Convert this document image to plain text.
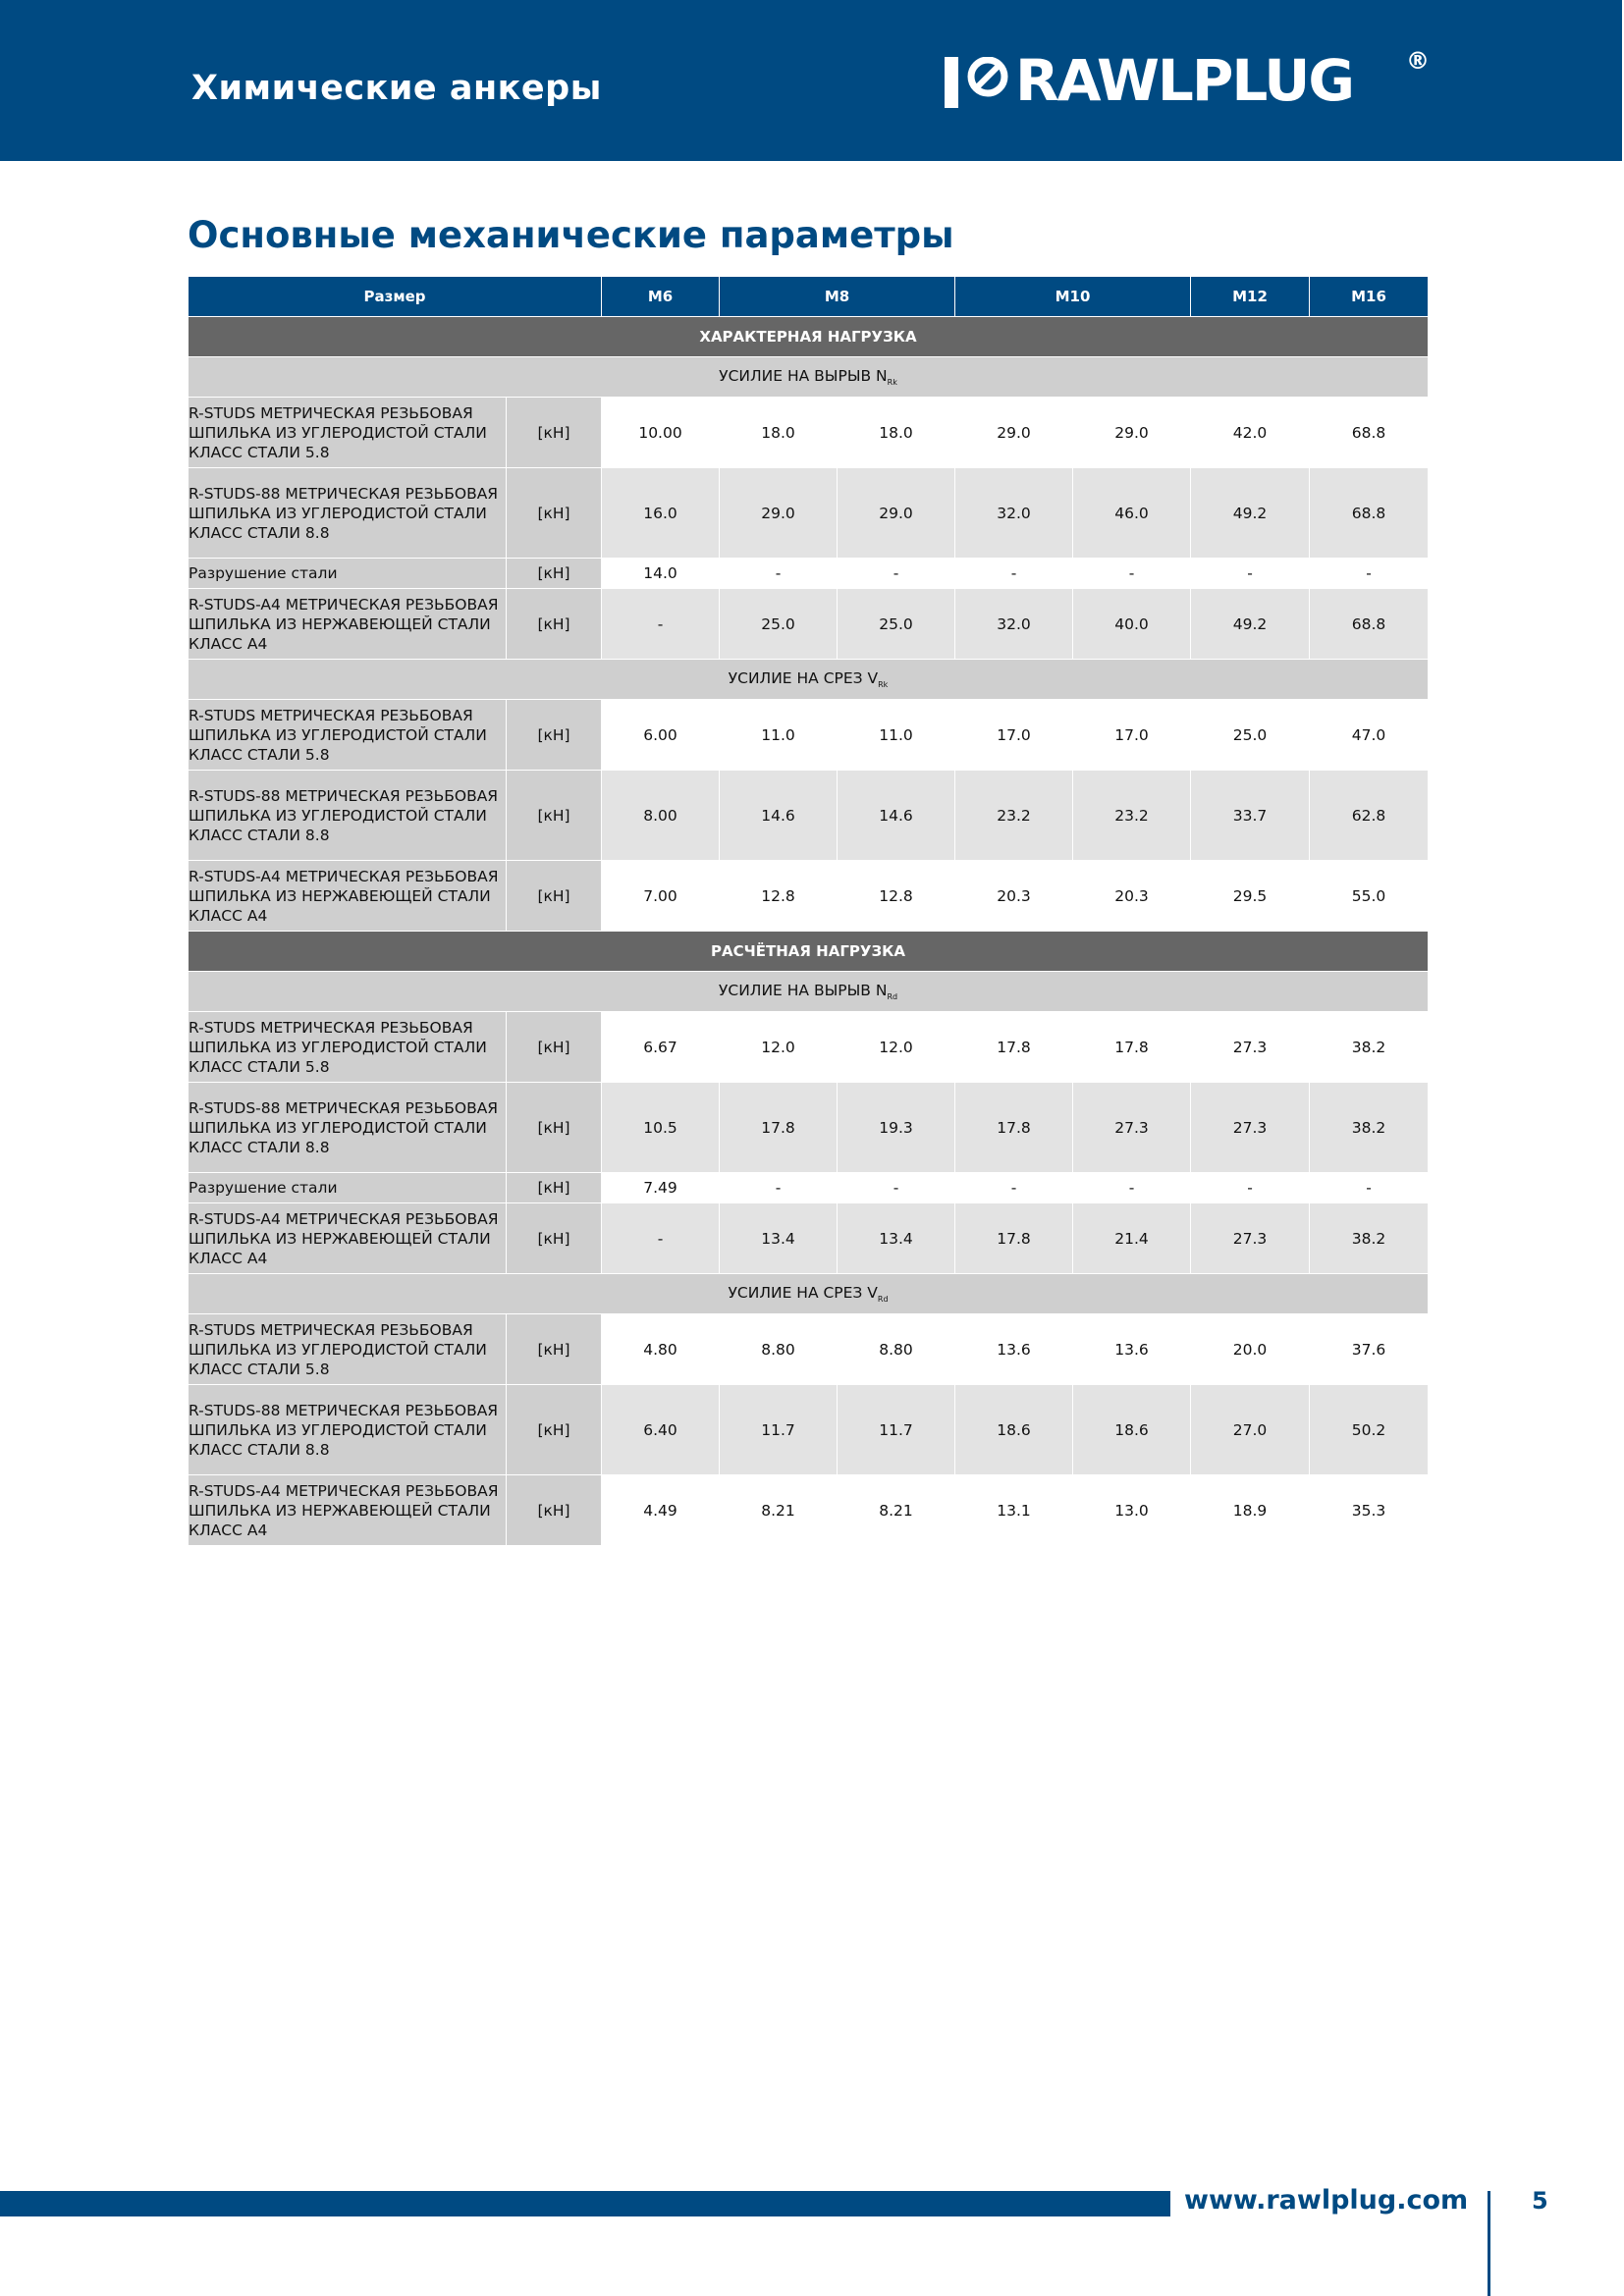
Химические анкеры	RAWLPLUG ®
Основные механические параметры
Размер		M6	M8		M10		M12	M16
ХАРАКТЕРНАЯ НАГРУЗКА								
УСИЛИЕ НА ВЫРЫВ $N_{Rk}$
R-STUDS МЕТРИЧЕСКАЯ РЕЗЬБОВАЯ ШПИЛЬКА ИЗ УГЛЕРОДИСТОЙ СТАЛИ КЛАСС СТАЛИ 5.8	[кН]	10.00	18.0	18.0	29.0	29.0	42.0	68.8
R-STUDS-88 МЕТРИЧЕСКАЯ РЕЗЬБОВАЯ ШПИЛЬКА ИЗ УГЛЕРОДИСТОЙ СТАЛИ КЛАСС СТАЛИ 8.8	[кН]	16.0	29.0	29.0	32.0	46.0	49.2	68.8
Разрушение стали	[кН]	14.0	-	-	-	-	-	-
R-STUDS-A4 МЕТРИЧЕСКАЯ РЕЗЬБОВАЯ ШПИЛЬКА ИЗ НЕРЖАВЕЮЩЕЙ СТАЛИ КЛАСС А4	[кН]	-	25.0	25.0	32.0	40.0	49.2	68.8
УСИЛИЕ НА СРЕЗ $V_{Rk}$
R-STUDS МЕТРИЧЕСКАЯ РЕЗЬБОВАЯ ШПИЛЬКА ИЗ УГЛЕРОДИСТОЙ СТАЛИ КЛАСС СТАЛИ 5.8	[кН]	6.00	11.0	11.0	17.0	17.0	25.0	47.0
R-STUDS-88 МЕТРИЧЕСКАЯ РЕЗЬБОВАЯ ШПИЛЬКА ИЗ УГЛЕРОДИСТОЙ СТАЛИ КЛАСС СТАЛИ 8.8	[кН]	8.00	14.6	14.6	23.2	23.2	33.7	62.8
R-STUDS-A4 МЕТРИЧЕСКАЯ РЕЗЬБОВАЯ ШПИЛЬКА ИЗ НЕРЖАВЕЮЩЕЙ СТАЛИ КЛАСС А4	[кН]	7.00	12.8	12.8	20.3	20.3	29.5	55.0
РАСЧЁТНАЯ НАГРУЗКА								
УСИЛИЕ НА ВЫРЫВ $N_{Rd}$
R-STUDS МЕТРИЧЕСКАЯ РЕЗЬБОВАЯ ШПИЛЬКА ИЗ УГЛЕРОДИСТОЙ СТАЛИ КЛАСС СТАЛИ 5.8	[кН]	6.67	12.0	12.0	17.8	17.8	27.3	38.2
R-STUDS-88 МЕТРИЧЕСКАЯ РЕЗЬБОВАЯ ШПИЛЬКА ИЗ УГЛЕРОДИСТОЙ СТАЛИ КЛАСС СТАЛИ 8.8	[кН]	10.5	17.8	19.3	17.8	27.3	27.3	38.2
Разрушение стали	[кН]	7.49	-	-	-	-	-	-
R-STUDS-A4 МЕТРИЧЕСКАЯ РЕЗЬБОВАЯ ШПИЛЬКА ИЗ НЕРЖАВЕЮЩЕЙ СТАЛИ КЛАСС А4	[кН]	-	13.4	13.4	17.8	21.4	27.3	38.2
УСИЛИЕ НА СРЕЗ $V_{Rd}$
R-STUDS МЕТРИЧЕСКАЯ РЕЗЬБОВАЯ ШПИЛЬКА ИЗ УГЛЕРОДИСТОЙ СТАЛИ КЛАСС СТАЛИ 5.8	[кН]	4.80	8.80	8.80	13.6	13.6	20.0	37.6
R-STUDS-88 МЕТРИЧЕСКАЯ РЕЗЬБОВАЯ ШПИЛЬКА ИЗ УГЛЕРОДИСТОЙ СТАЛИ КЛАСС СТАЛИ 8.8	[кН]	6.40	11.7	11.7	18.6	18.6	27.0	50.2
R-STUDS-A4 МЕТРИЧЕСКАЯ РЕЗЬБОВАЯ ШПИЛЬКА ИЗ НЕРЖАВЕЮЩЕЙ СТАЛИ КЛАСС А4	[кН]	4.49	8.21	8.21	13.1	13.0	18.9	35.3
www.rawlplug.com	5
